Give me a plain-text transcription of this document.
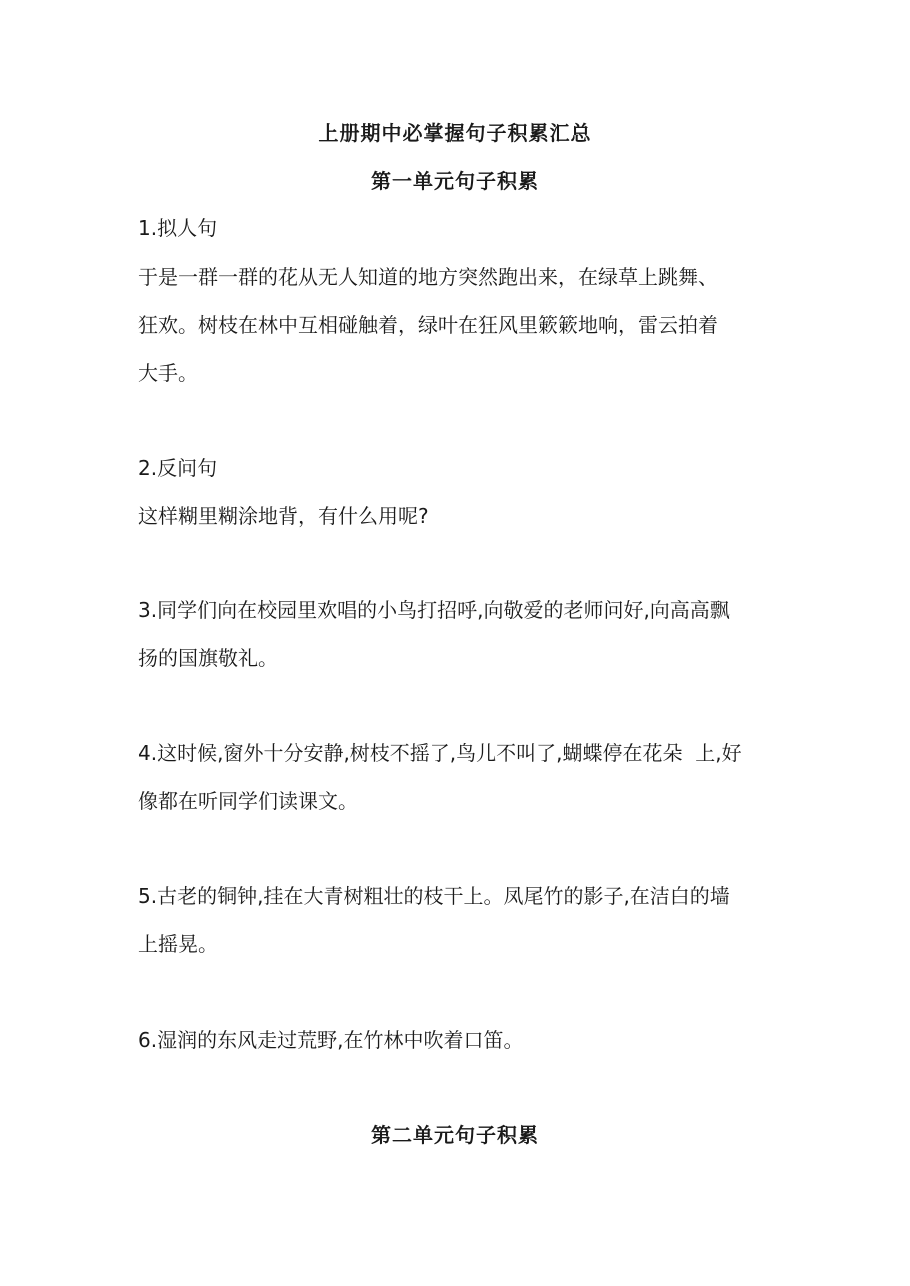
上册期中必掌握句子积累汇总
第一单元句子积累
1.拟人句
于是一群一群的花从无人知道的地方突然跑出来，在绿草上跳舞、
狂欢。树枝在林中互相碰触着，绿叶在狂风里簌簌地响，雷云拍着
大手。
2.反问句
这样糊里糊涂地背，有什么用呢?
3.同学们向在校园里欢唱的小鸟打招呼,向敬爱的老师问好,向高高飘
扬的国旗敬礼。
4.这时候,窗外十分安静,树枝不摇了,鸟儿不叫了,蝴蝶停在花朵  上,好
像都在听同学们读课文。
5.古老的铜钟,挂在大青树粗壮的枝干上。凤尾竹的影子,在洁白的墙
上摇晃。
6.湿润的东风走过荒野,在竹林中吹着口笛。
第二单元句子积累
